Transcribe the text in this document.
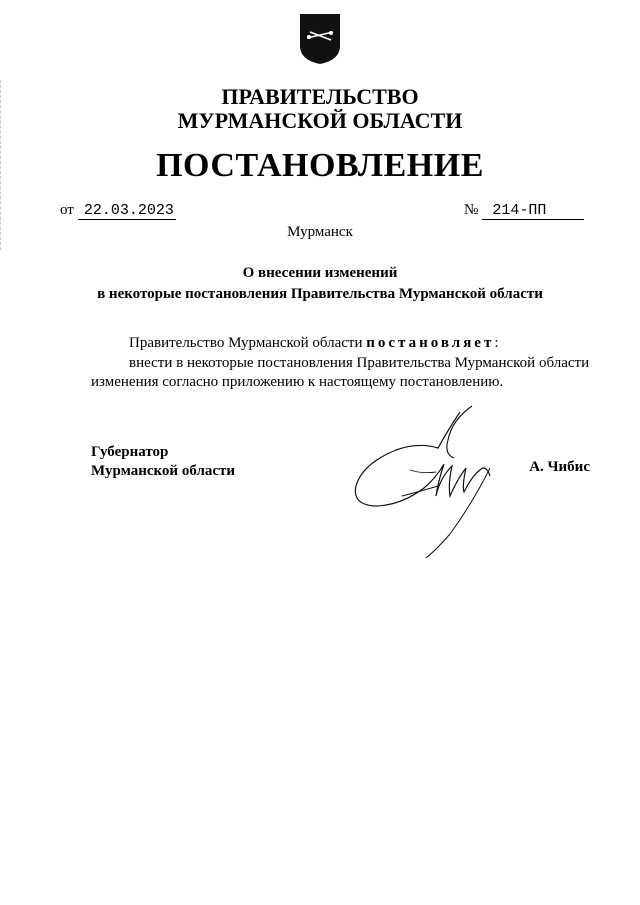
ПРАВИТЕЛЬСТВО
МУРМАНСКОЙ ОБЛАСТИ
ПОСТАНОВЛЕНИЕ
от 22.03.2023	№ 214-ПП
Мурманск
О внесении изменений
в некоторые постановления Правительства Мурманской области
Правительство Мурманской области постановляет:
внести в некоторые постановления Правительства Мурманской области
изменения согласно приложению к настоящему постановлению.
Губернатор
Мурманской области	А. Чибис
